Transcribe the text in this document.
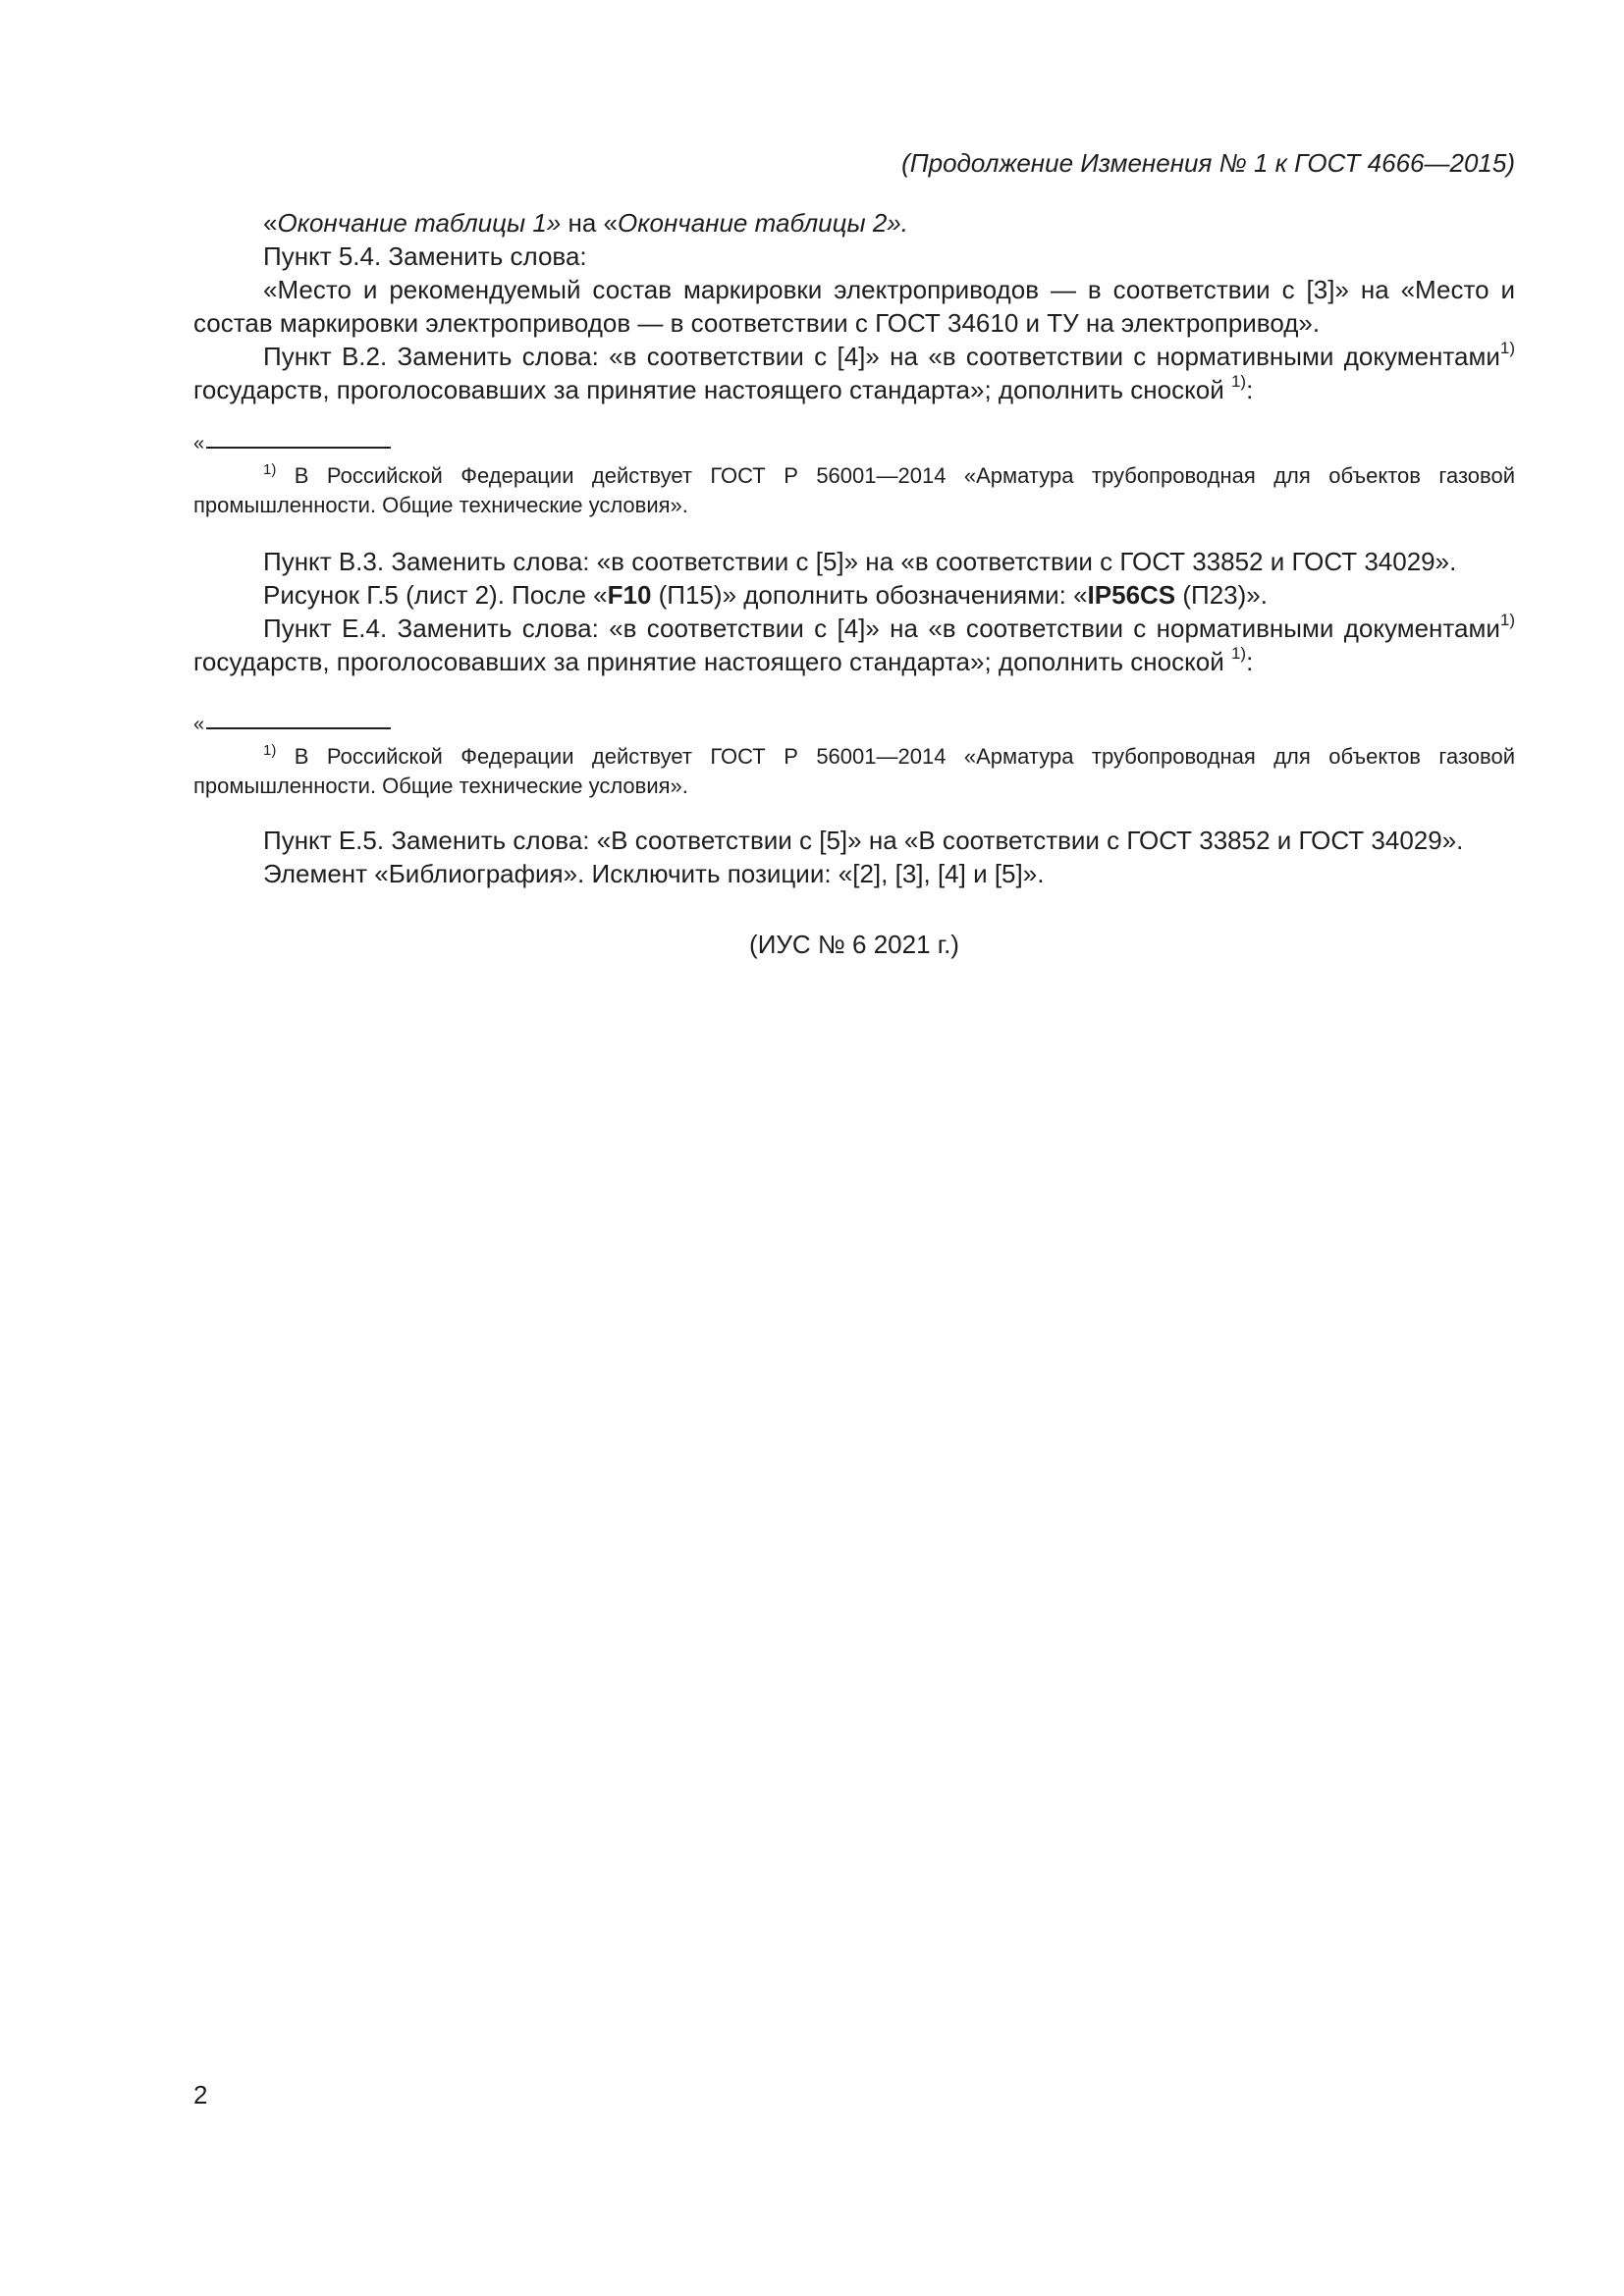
(Продолжение Изменения № 1 к ГОСТ 4666—2015)

«Окончание таблицы 1» на «Окончание таблицы 2».

Пункт 5.4. Заменить слова:

«Место и рекомендуемый состав маркировки электроприводов — в соответствии с [3]» на «Место и состав маркировки электроприводов — в соответствии с ГОСТ 34610 и ТУ на электропривод».

Пункт В.2. Заменить слова: «в соответствии с [4]» на «в соответствии с нормативными документами$^{1)}$ государств, проголосовавших за принятие настоящего стандарта»; дополнить сноской $^{1)}$:

«

$^{1)}$ В Российской Федерации действует ГОСТ Р 56001—2014 «Арматура трубопроводная для объектов газовой промышленности. Общие технические условия».

Пункт В.3. Заменить слова: «в соответствии с [5]» на «в соответствии с ГОСТ 33852 и ГОСТ 34029».

Рисунок Г.5 (лист 2). После «F10 (П15)» дополнить обозначениями: «IP56CS (П23)».

Пункт Е.4. Заменить слова: «в соответствии с [4]» на «в соответствии с нормативными документами$^{1)}$ государств, проголосовавших за принятие настоящего стандарта»; дополнить сноской $^{1)}$:

«

$^{1)}$ В Российской Федерации действует ГОСТ Р 56001—2014 «Арматура трубопроводная для объектов газовой промышленности. Общие технические условия».

Пункт Е.5. Заменить слова: «В соответствии с [5]» на «В соответствии с ГОСТ 33852 и ГОСТ 34029».

Элемент «Библиография». Исключить позиции: «[2], [3], [4] и [5]».

(ИУС № 6 2021 г.)
2
